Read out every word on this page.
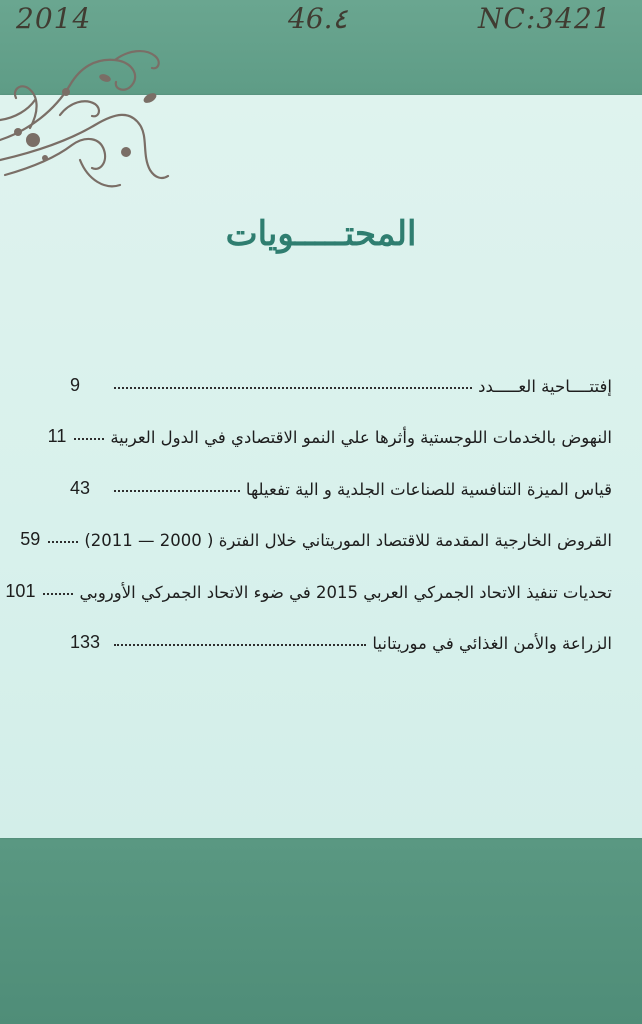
2014	46.٤	NC:3421
المحتـــــويات
إفتتــــاحية العـــــدد
9
النهوض بالخدمات اللوجستية وأثرها علي النمو الاقتصادي في الدول العربية
11
قياس الميزة التنافسية للصناعات الجلدية و الية تفعيلها
43
القروض الخارجية المقدمة للاقتصاد الموريتاني خلال الفترة ( 2000 — 2011)
59
تحديات تنفيذ الاتحاد الجمركي العربي 2015 في ضوء الاتحاد الجمركي الأوروبي
101
الزراعة والأمن الغذائي في موريتانيا
133
